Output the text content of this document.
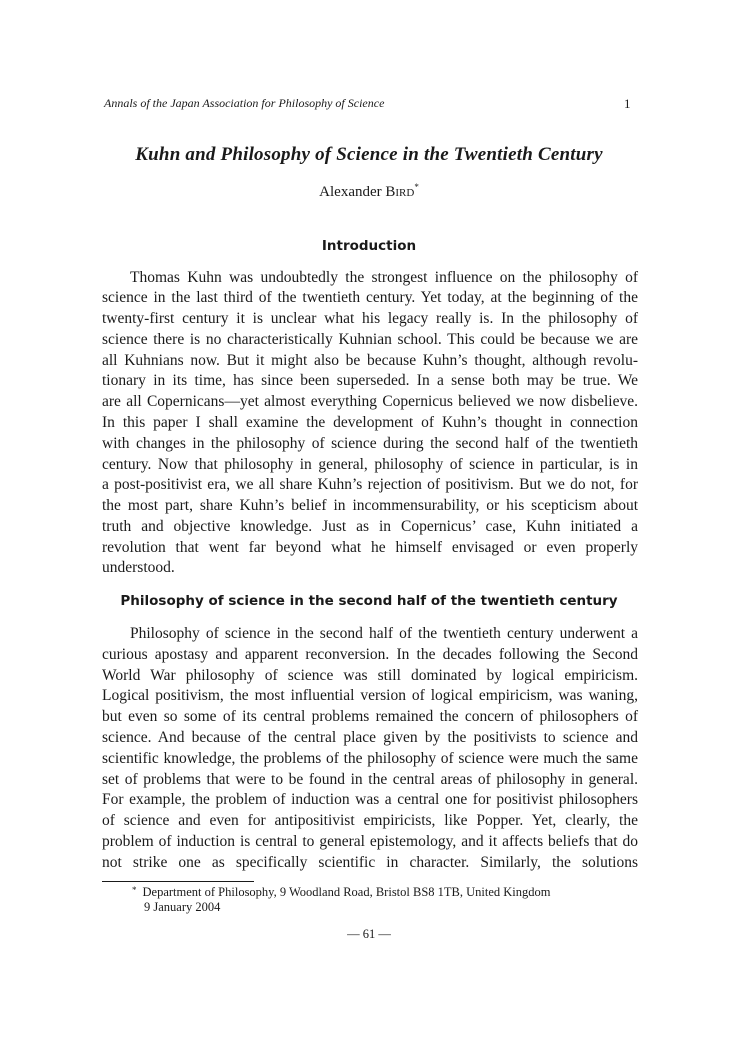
Annals of the Japan Association for Philosophy of Science	1
Kuhn and Philosophy of Science in the Twentieth Century
Alexander Bird*
Introduction
Thomas Kuhn was undoubtedly the strongest influence on the philosophy of
science in the last third of the twentieth century. Yet today, at the beginning of the
twenty-first century it is unclear what his legacy really is. In the philosophy of
science there is no characteristically Kuhnian school. This could be because we are
all Kuhnians now. But it might also be because Kuhn’s thought, although revolu-
tionary in its time, has since been superseded. In a sense both may be true. We
are all Copernicans—yet almost everything Copernicus believed we now disbelieve.
In this paper I shall examine the development of Kuhn’s thought in connection
with changes in the philosophy of science during the second half of the twentieth
century. Now that philosophy in general, philosophy of science in particular, is in
a post-positivist era, we all share Kuhn’s rejection of positivism. But we do not, for
the most part, share Kuhn’s belief in incommensurability, or his scepticism about
truth and objective knowledge. Just as in Copernicus’ case, Kuhn initiated a
revolution that went far beyond what he himself envisaged or even properly
understood.
Philosophy of science in the second half of the twentieth century
Philosophy of science in the second half of the twentieth century underwent a
curious apostasy and apparent reconversion. In the decades following the Second
World War philosophy of science was still dominated by logical empiricism.
Logical positivism, the most influential version of logical empiricism, was waning,
but even so some of its central problems remained the concern of philosophers of
science. And because of the central place given by the positivists to science and
scientific knowledge, the problems of the philosophy of science were much the same
set of problems that were to be found in the central areas of philosophy in general.
For example, the problem of induction was a central one for positivist philosophers
of science and even for antipositivist empiricists, like Popper. Yet, clearly, the
problem of induction is central to general epistemology, and it affects beliefs that do
not strike one as specifically scientific in character. Similarly, the solutions
* Department of Philosophy, 9 Woodland Road, Bristol BS8 1TB, United Kingdom
9 January 2004
— 61 —
